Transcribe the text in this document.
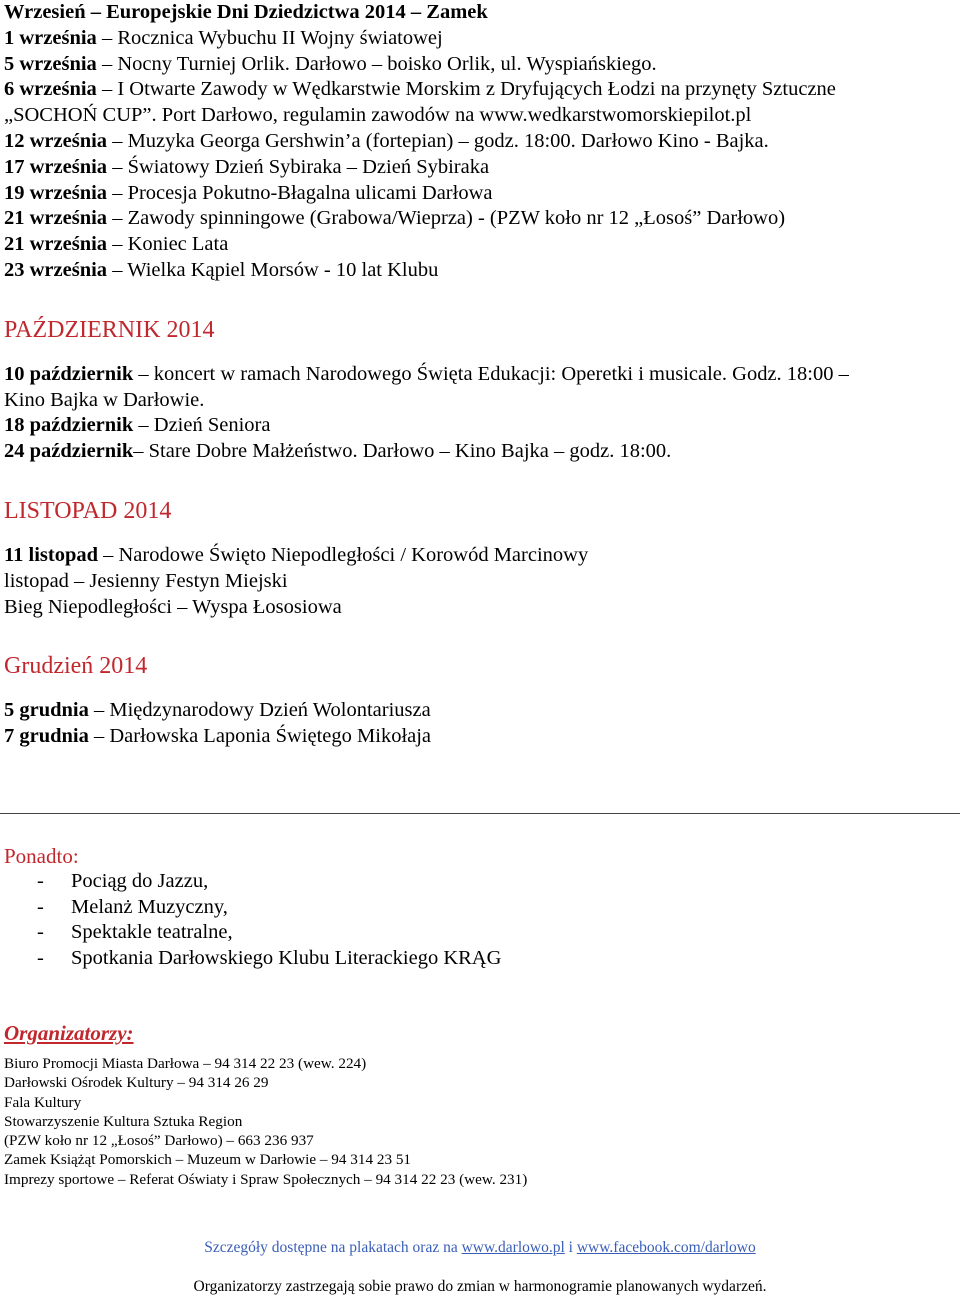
Wrzesień – Europejskie Dni Dziedzictwa 2014 – Zamek
1 września – Rocznica Wybuchu II Wojny światowej
5 września – Nocny Turniej Orlik. Darłowo – boisko Orlik, ul. Wyspiańskiego.
6 września – I Otwarte Zawody w Wędkarstwie Morskim z Dryfujących Łodzi na przynęty Sztuczne
„SOCHOŃ CUP”. Port Darłowo, regulamin zawodów na www.wedkarstwomorskiepilot.pl
12 września – Muzyka Georga Gershwin’a (fortepian) – godz. 18:00. Darłowo Kino - Bajka.
17 września – Światowy Dzień Sybiraka – Dzień Sybiraka
19 września – Procesja Pokutno-Błagalna ulicami Darłowa
21 września – Zawody spinningowe (Grabowa/Wieprza) - (PZW koło nr 12 „Łosoś” Darłowo)
21 września – Koniec Lata
23 września – Wielka Kąpiel Morsów - 10 lat Klubu
PAŹDZIERNIK 2014
10 październik – koncert w ramach Narodowego Święta Edukacji: Operetki i musicale. Godz. 18:00 –
Kino Bajka w Darłowie.
18 październik – Dzień Seniora
24 październik– Stare Dobre Małżeństwo. Darłowo – Kino Bajka – godz. 18:00.
LISTOPAD 2014
11 listopad – Narodowe Święto Niepodległości / Korowód Marcinowy
listopad – Jesienny Festyn Miejski
Bieg Niepodległości – Wyspa Łososiowa
Grudzień 2014
5 grudnia – Międzynarodowy Dzień Wolontariusza
7 grudnia – Darłowska Laponia Świętego Mikołaja
Ponadto:
- Pociąg do Jazzu,
- Melanż Muzyczny,
- Spektakle teatralne,
- Spotkania Darłowskiego Klubu Literackiego KRĄG
Organizatorzy:
Biuro Promocji Miasta Darłowa – 94 314 22 23 (wew. 224)
Darłowski Ośrodek Kultury – 94 314 26 29
Fala Kultury
Stowarzyszenie Kultura Sztuka Region
(PZW koło nr 12 „Łosoś” Darłowo) – 663 236 937
Zamek Książąt Pomorskich – Muzeum w Darłowie – 94 314 23 51
Imprezy sportowe – Referat Oświaty i Spraw Społecznych – 94 314 22 23 (wew. 231)
Szczegóły dostępne na plakatach oraz na www.darlowo.pl i www.facebook.com/darlowo
Organizatorzy zastrzegają sobie prawo do zmian w harmonogramie planowanych wydarzeń.
